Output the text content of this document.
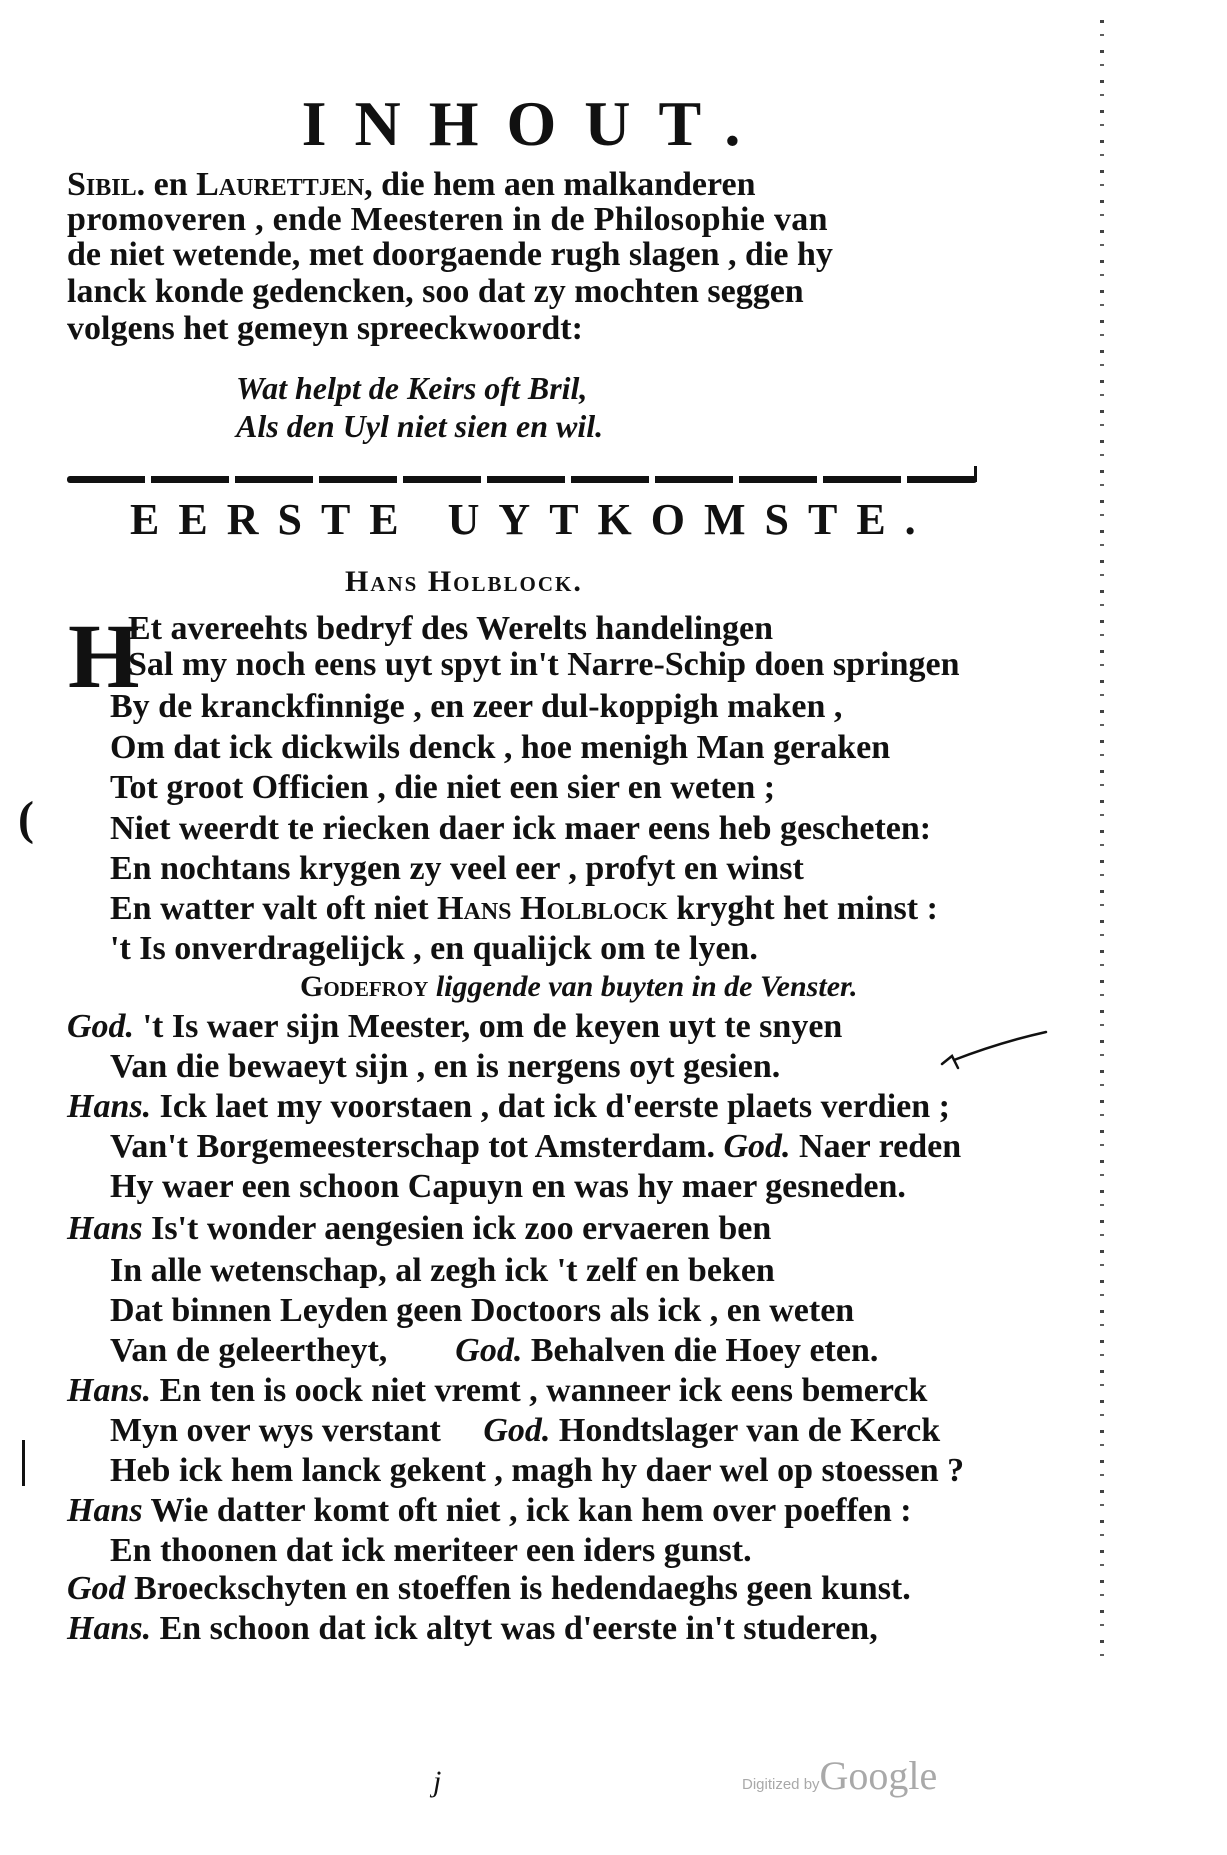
INHOUT.
Sibil. en Laurettjen, die hem aen malkanderen
promoveren , ende Meesteren in de Philosophie van
de niet wetende, met doorgaende rugh slagen , die hy
lanck konde gedencken, soo dat zy mochten seggen
volgens het gemeyn spreeckwoordt:
Wat helpt de Keirs oft Bril,
Als den Uyl niet sien en wil.
EERSTE UYTKOMSTE.
Hans Holblock.
H
Et avereehts bedryf des Werelts handelingen
Sal my noch eens uyt spyt in't Narre-Schip doen springen
By de kranckfinnige , en zeer dul-koppigh maken ,
Om dat ick dickwils denck , hoe menigh Man geraken
Tot groot Officien , die niet een sier en weten ;
Niet weerdt te riecken daer ick maer eens heb gescheten:
En nochtans krygen zy veel eer , profyt en winst
En watter valt oft niet Hans Holblock kryght het minst :
't Is onverdragelijck , en qualijck om te lyen.
Godefroy liggende van buyten in de Venster.
God. 't Is waer sijn Meester, om de keyen uyt te snyen
Van die bewaeyt sijn , en is nergens oyt gesien.
Hans. Ick laet my voorstaen , dat ick d'eerste plaets verdien ;
Van't Borgemeesterschap tot Amsterdam. God. Naer reden
Hy waer een schoon Capuyn en was hy maer gesneden.
Hans Is't wonder aengesien ick zoo ervaeren ben
In alle wetenschap, al zegh ick 't zelf en beken
Dat binnen Leyden geen Doctoors als ick , en weten
Van de geleertheyt,        God. Behalven die Hoey eten.
Hans. En ten is oock niet vremt , wanneer ick eens bemerck
Myn over wys verstant     God. Hondtslager van de Kerck
Heb ick hem lanck gekent , magh hy daer wel op stoessen ?
Hans Wie datter komt oft niet , ick kan hem over poeffen :
En thoonen dat ick meriteer een iders gunst.
God Broeckschyten en stoeffen is hedendaeghs geen kunst.
Hans. En schoon dat ick altyt was d'eerste in't studeren,
(
j	Digitized byGoogle
